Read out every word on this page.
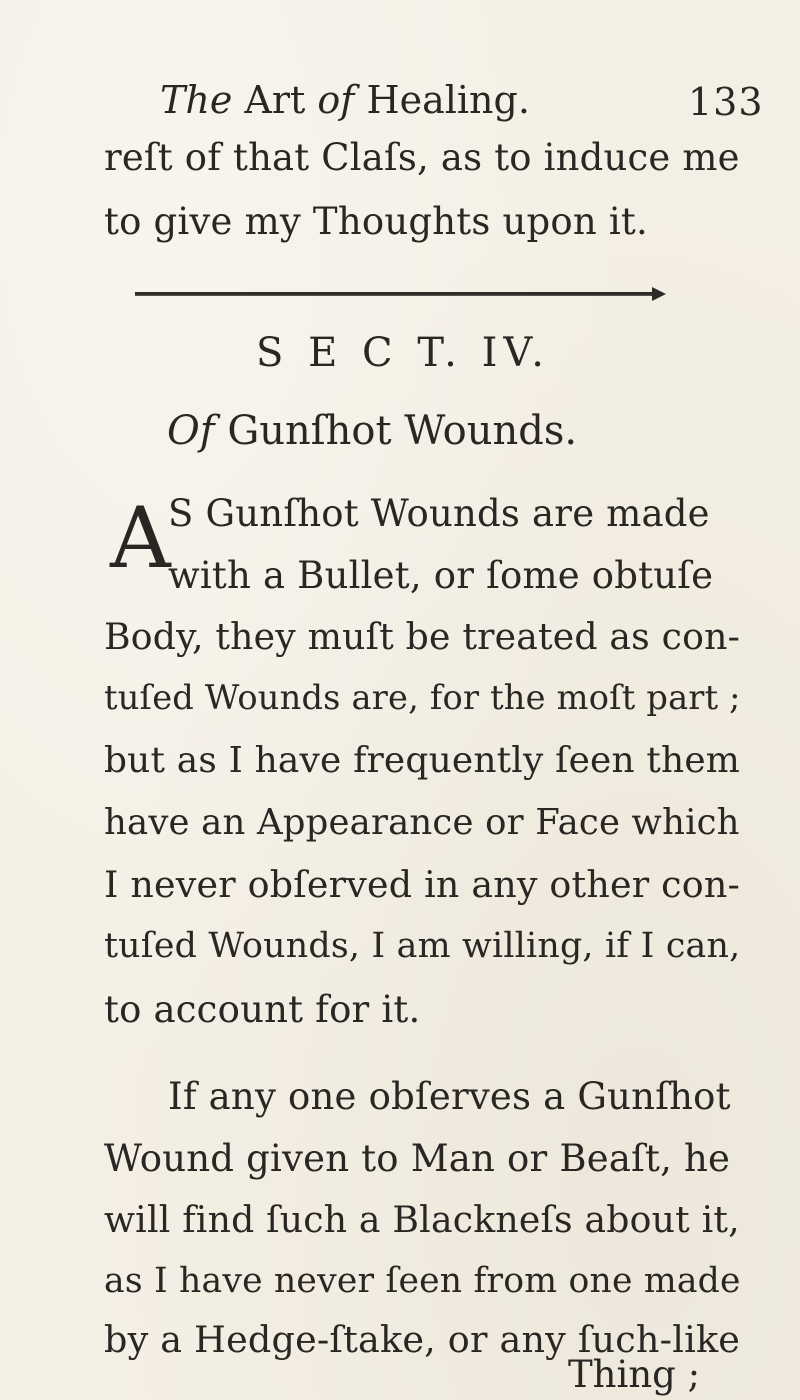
The Art of Healing.	133
reſt of that Claſs, as to induce me
to give my Thoughts upon it.
S E C T. IV.
Of Gunſhot Wounds.
A
S Gunſhot Wounds are made
with a Bullet, or ſome obtuſe
Body, they muſt be treated as con-
tuſed Wounds are, for the moſt part ;
but as I have frequently ſeen them
have an Appearance or Face which
I never obſerved in any other con-
tuſed Wounds, I am willing, if I can,
to account for it.
If any one obſerves a Gunſhot
Wound given to Man or Beaſt, he
will find ſuch a Blackneſs about it,
as I have never ſeen from one made
by a Hedge-ſtake, or any ſuch-like
Thing ;
